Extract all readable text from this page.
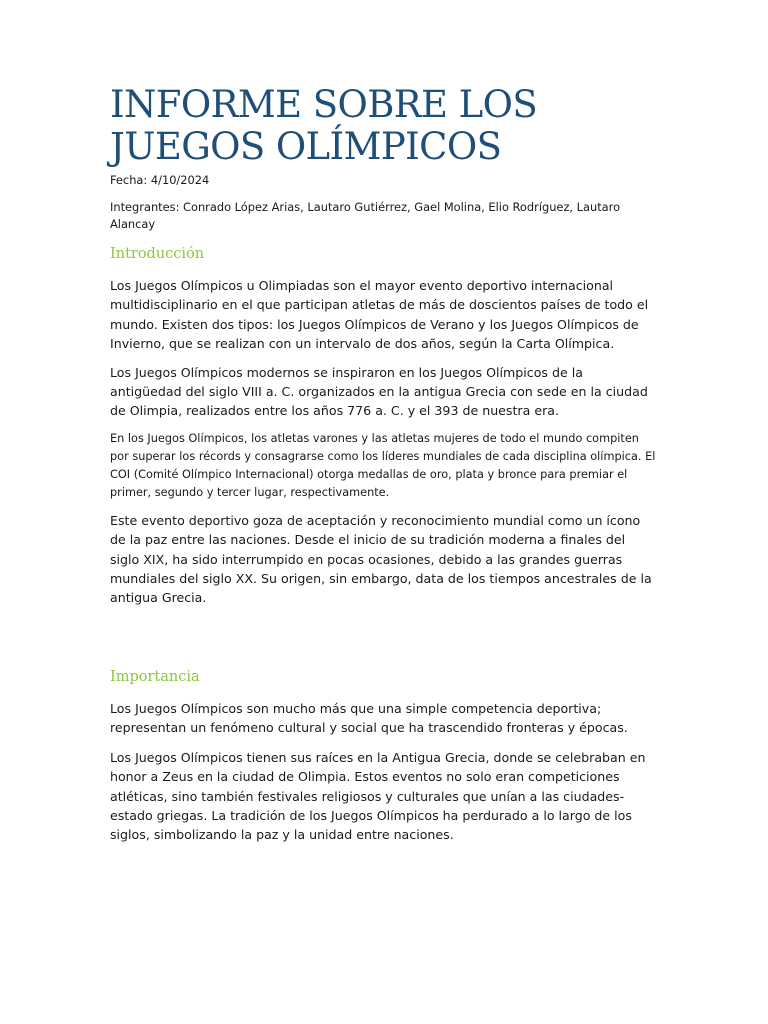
INFORME SOBRE LOS JUEGOS OLÍMPICOS

Fecha: 4/10/2024

Integrantes: Conrado López Arias, Lautaro Gutiérrez, Gael Molina, Elio Rodríguez, Lautaro Alancay

Introducción

Los Juegos Olímpicos u Olimpiadas son el mayor evento deportivo internacional multidisciplinario en el que participan atletas de más de doscientos países de todo el mundo. Existen dos tipos: los Juegos Olímpicos de Verano y los Juegos Olímpicos de Invierno, que se realizan con un intervalo de dos años, según la Carta Olímpica.

Los Juegos Olímpicos modernos se inspiraron en los Juegos Olímpicos de la antigüedad del siglo VIII a. C. organizados en la antigua Grecia con sede en la ciudad de Olimpia, realizados entre los años 776 a. C. y el 393 de nuestra era.

En los Juegos Olímpicos, los atletas varones y las atletas mujeres de todo el mundo compiten por superar los récords y consagrarse como los líderes mundiales de cada disciplina olímpica. El COI (Comité Olímpico Internacional) otorga medallas de oro, plata y bronce para premiar el primer, segundo y tercer lugar, respectivamente.

Este evento deportivo goza de aceptación y reconocimiento mundial como un ícono de la paz entre las naciones. Desde el inicio de su tradición moderna a finales del siglo XIX, ha sido interrumpido en pocas ocasiones, debido a las grandes guerras mundiales del siglo XX. Su origen, sin embargo, data de los tiempos ancestrales de la antigua Grecia.

Importancia

Los Juegos Olímpicos son mucho más que una simple competencia deportiva; representan un fenómeno cultural y social que ha trascendido fronteras y épocas.

Los Juegos Olímpicos tienen sus raíces en la Antigua Grecia, donde se celebraban en honor a Zeus en la ciudad de Olimpia. Estos eventos no solo eran competiciones atléticas, sino también festivales religiosos y culturales que unían a las ciudades-estado griegas. La tradición de los Juegos Olímpicos ha perdurado a lo largo de los siglos, simbolizando la paz y la unidad entre naciones.
